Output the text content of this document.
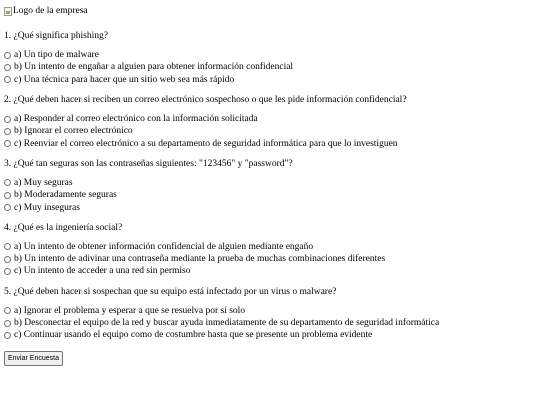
Logo de la empresa
1. ¿Qué significa phishing?
a) Un tipo de malware
b) Un intento de engañar a alguien para obtener información confidencial
c) Una técnica para hacer que un sitio web sea más rápido
2. ¿Qué deben hacer si reciben un correo electrónico sospechoso o que les pide información confidencial?
a) Responder al correo electrónico con la información solicitada
b) Ignorar el correo electrónico
c) Reenviar el correo electrónico a su departamento de seguridad informática para que lo investiguen
3. ¿Qué tan seguras son las contraseñas siguientes: "123456" y "password"?
a) Muy seguras
b) Moderadamente seguras
c) Muy inseguras
4. ¿Qué es la ingeniería social?
a) Un intento de obtener información confidencial de alguien mediante engaño
b) Un intento de adivinar una contraseña mediante la prueba de muchas combinaciones diferentes
c) Un intento de acceder a una red sin permiso
5. ¿Qué deben hacer si sospechan que su equipo está infectado por un virus o malware?
a) Ignorar el problema y esperar a que se resuelva por sí solo
b) Desconectar el equipo de la red y buscar ayuda inmediatamente de su departamento de seguridad informática
c) Continuar usando el equipo como de costumbre hasta que se presente un problema evidente
Enviar Encuesta
